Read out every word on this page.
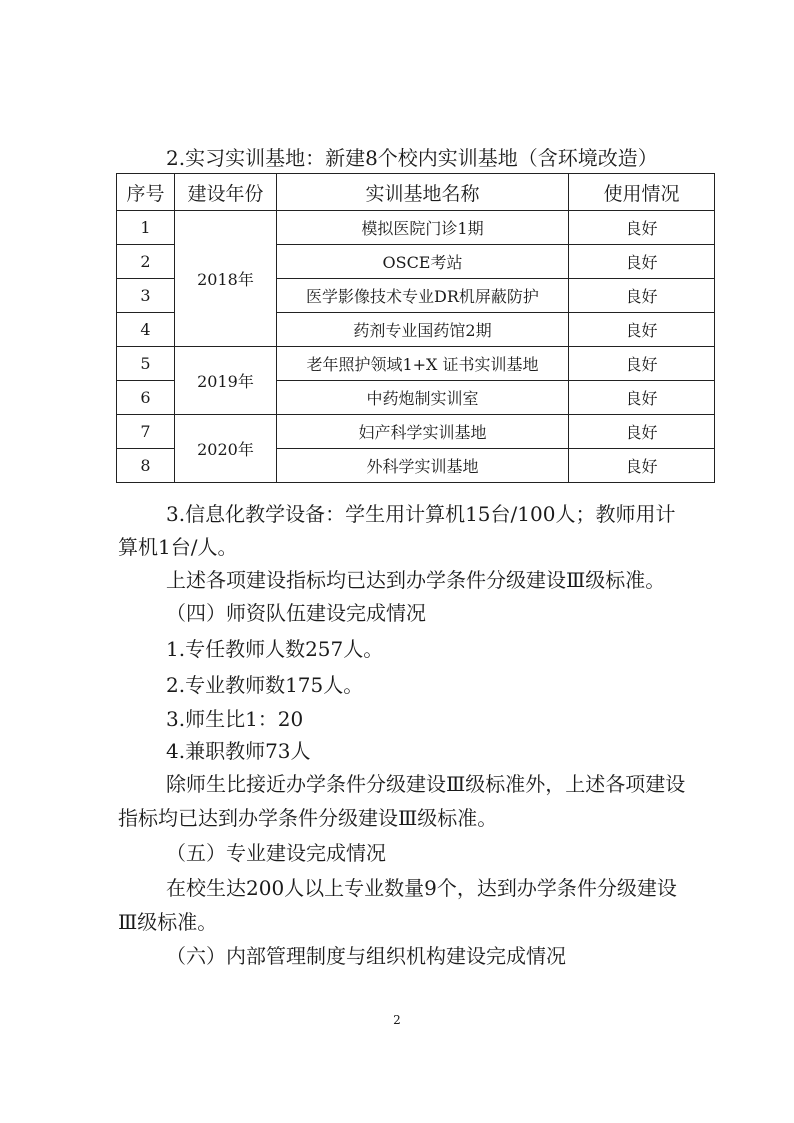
2.实习实训基地：新建8个校内实训基地（含环境改造）
序号	建设年份	实训基地名称	使用情况
1	2018年	模拟医院门诊1期	良好
2		OSCE考站	良好
3		医学影像技术专业DR机屏蔽防护	良好
4		药剂专业国药馆2期	良好
5	2019年	老年照护领域1+X 证书实训基地	良好
6		中药炮制实训室	良好
7	2020年	妇产科学实训基地	良好
8		外科学实训基地	良好
3.信息化教学设备：学生用计算机15台/100人；教师用计
算机1台/人。
上述各项建设指标均已达到办学条件分级建设Ⅲ级标准。
（四）师资队伍建设完成情况
1.专任教师人数257人。
2.专业教师数175人。
3.师生比1：20
4.兼职教师73人
除师生比接近办学条件分级建设Ⅲ级标准外，上述各项建设
指标均已达到办学条件分级建设Ⅲ级标准。
（五）专业建设完成情况
在校生达200人以上专业数量9个，达到办学条件分级建设
Ⅲ级标准。
（六）内部管理制度与组织机构建设完成情况
2
